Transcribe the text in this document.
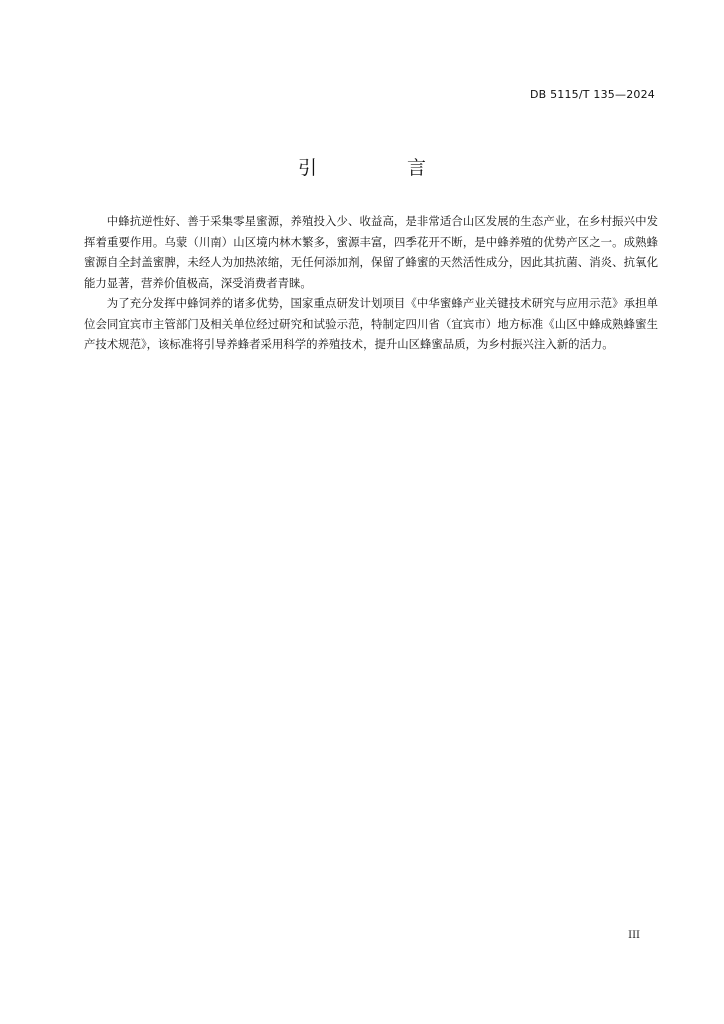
DB 5115/T 135—2024
引 言

中蜂抗逆性好、善于采集零星蜜源，养殖投入少、收益高，是非常适合山区发展的生态产业，在乡村振兴中发挥着重要作用。乌蒙（川南）山区境内林木繁多，蜜源丰富，四季花开不断，是中蜂养殖的优势产区之一。成熟蜂蜜源自全封盖蜜脾，未经人为加热浓缩，无任何添加剂，保留了蜂蜜的天然活性成分，因此其抗菌、消炎、抗氧化能力显著，营养价值极高，深受消费者青睐。

为了充分发挥中蜂饲养的诸多优势，国家重点研发计划项目《中华蜜蜂产业关键技术研究与应用示范》承担单位会同宜宾市主管部门及相关单位经过研究和试验示范，特制定四川省（宜宾市）地方标准《山区中蜂成熟蜂蜜生产技术规范》，该标准将引导养蜂者采用科学的养殖技术，提升山区蜂蜜品质，为乡村振兴注入新的活力。

III
